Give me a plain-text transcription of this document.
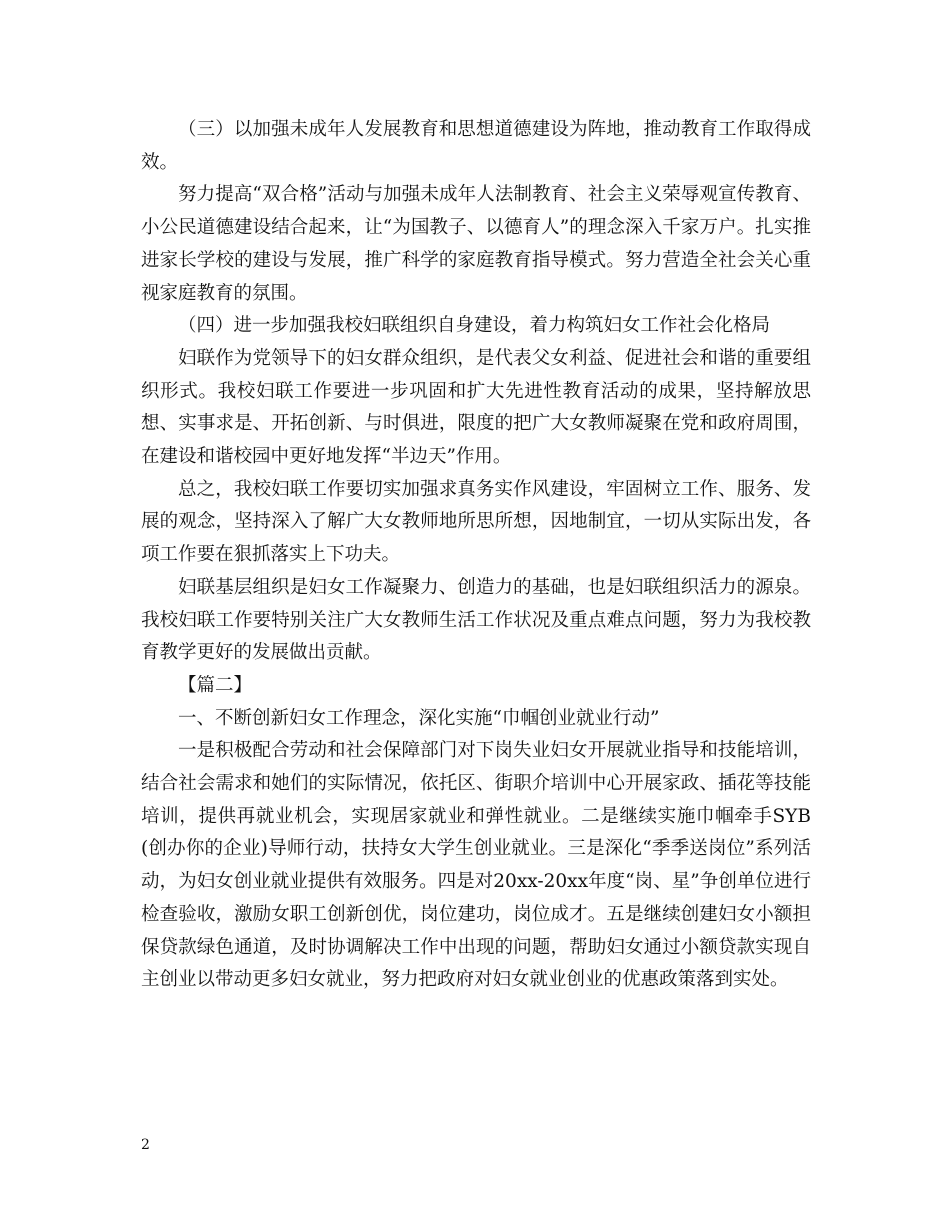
（三）以加强未成年人发展教育和思想道德建设为阵地，推动教育工作取得成效。

努力提高“双合格”活动与加强未成年人法制教育、社会主义荣辱观宣传教育、小公民道德建设结合起来，让“为国教子、以德育人”的理念深入千家万户。扎实推进家长学校的建设与发展，推广科学的家庭教育指导模式。努力营造全社会关心重视家庭教育的氛围。

（四）进一步加强我校妇联组织自身建设，着力构筑妇女工作社会化格局

妇联作为党领导下的妇女群众组织，是代表父女利益、促进社会和谐的重要组织形式。我校妇联工作要进一步巩固和扩大先进性教育活动的成果，坚持解放思想、实事求是、开拓创新、与时俱进，限度的把广大女教师凝聚在党和政府周围，在建设和谐校园中更好地发挥“半边天”作用。

总之，我校妇联工作要切实加强求真务实作风建设，牢固树立工作、服务、发展的观念，坚持深入了解广大女教师地所思所想，因地制宜，一切从实际出发，各项工作要在狠抓落实上下功夫。

妇联基层组织是妇女工作凝聚力、创造力的基础，也是妇联组织活力的源泉。我校妇联工作要特别关注广大女教师生活工作状况及重点难点问题，努力为我校教育教学更好的发展做出贡献。

【篇二】

一、不断创新妇女工作理念，深化实施“巾帼创业就业行动”

一是积极配合劳动和社会保障部门对下岗失业妇女开展就业指导和技能培训，结合社会需求和她们的实际情况，依托区、街职介培训中心开展家政、插花等技能培训，提供再就业机会，实现居家就业和弹性就业。二是继续实施巾帼牵手SYB(创办你的企业)导师行动，扶持女大学生创业就业。三是深化“季季送岗位”系列活动，为妇女创业就业提供有效服务。四是对20xx-20xx年度“岗、星”争创单位进行检查验收，激励女职工创新创优，岗位建功，岗位成才。五是继续创建妇女小额担保贷款绿色通道，及时协调解决工作中出现的问题，帮助妇女通过小额贷款实现自主创业以带动更多妇女就业，努力把政府对妇女就业创业的优惠政策落到实处。

2
